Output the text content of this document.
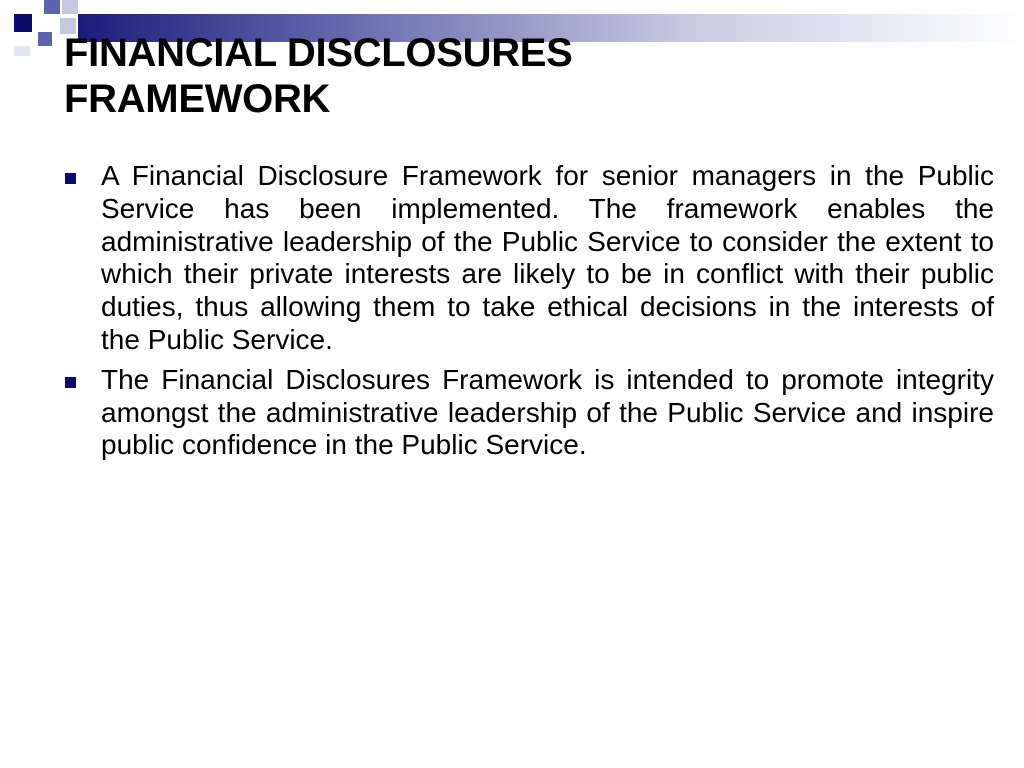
FINANCIAL DISCLOSURES
FRAMEWORK
A Financial Disclosure Framework for senior managers in the Public Service has been implemented. The framework enables the administrative leadership of the Public Service to consider the extent to which their private interests are likely to be in conflict with their public duties, thus allowing them to take ethical decisions in the interests of the Public Service.
The Financial Disclosures Framework is intended to promote integrity amongst the administrative leadership of the Public Service and inspire public confidence in the Public Service.
